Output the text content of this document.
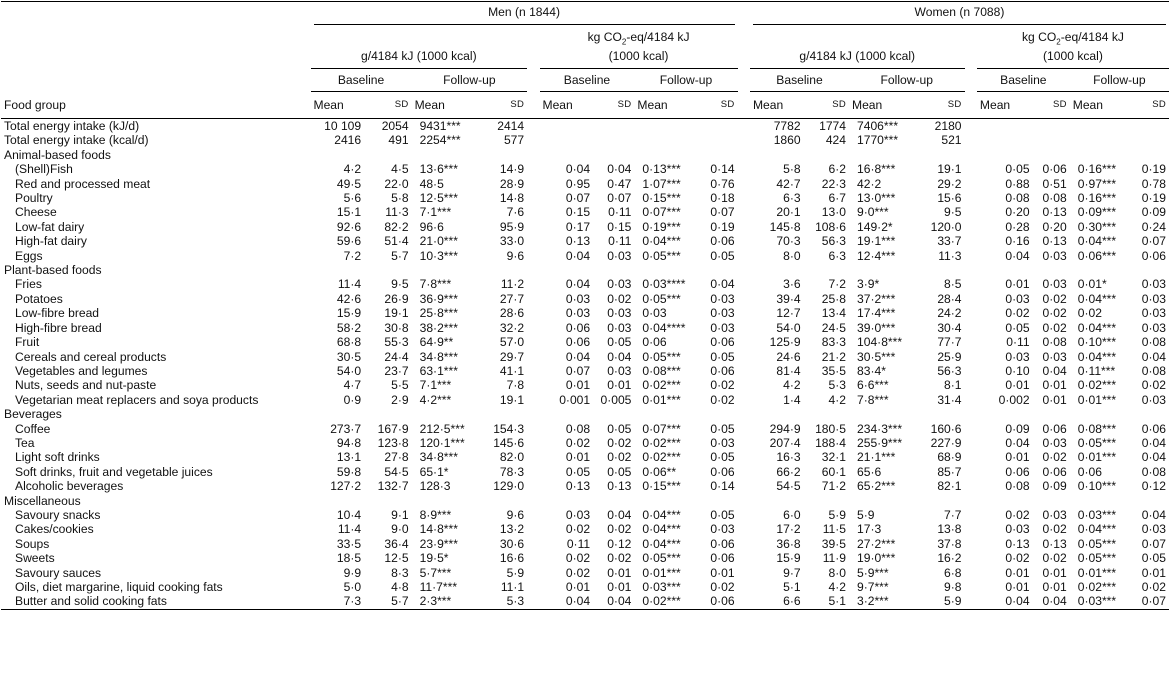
	Men (n 1844)										Women (n 7088)								

	g/4184 kJ (1000 kcal)					kg $CO_2-eq/4184$ kJ
(1000 kcal)					g/4184 kJ (1000 kcal)					kg $CO_2-eq/4184$ kJ
(1000 kcal)			
	Baseline		Follow-up			Baseline		Follow-up			Baseline		Follow-up			Baseline		Follow-up	
Food group	Mean	SD	Mean	SD		Mean	SD	Mean	SD		Mean	SD	Mean	SD		Mean	SD	Mean	SD
Total energy intake (kJ/d)	10 109	2054	9431***	2414							7782	1774	7406***	2180					
Total energy intake (kcal/d)	2416	491	2254***	577							1860	424	1770***	521					
Animal-based foods																			
(Shell)Fish	4·2	4·5	13·6***	14·9		0·04	0·04	0·13***	0·14		5·8	6·2	16·8***	19·1		0·05	0·06	0·16***	0·19
Red and processed meat	49·5	22·0	48·5	28·9		0·95	0·47	1·07***	0·76		42·7	22·3	42·2	29·2		0·88	0·51	0·97***	0·78
Poultry	5·6	5·8	12·5***	14·8		0·07	0·07	0·15***	0·18		6·3	6·7	13·0***	15·6		0·08	0·08	0·16***	0·19
Cheese	15·1	11·3	7·1***	7·6		0·15	0·11	0·07***	0·07		20·1	13·0	9·0***	9·5		0·20	0·13	0·09***	0·09
Low-fat dairy	92·6	82·2	96·6	95·9		0·17	0·15	0·19***	0·19		145·8	108·6	149·2*	120·0		0·28	0·20	0·30***	0·24
High-fat dairy	59·6	51·4	21·0***	33·0		0·13	0·11	0·04***	0·06		70·3	56·3	19·1***	33·7		0·16	0·13	0·04***	0·07
Eggs	7·2	5·7	10·3***	9·6		0·04	0·03	0·05***	0·05		8·0	6·3	12·4***	11·3		0·04	0·03	0·06***	0·06
Plant-based foods																			
Fries	11·4	9·5	7·8***	11·2		0·04	0·03	0·03****	0·04		3·6	7·2	3·9*	8·5		0·01	0·03	0·01*	0·03
Potatoes	42·6	26·9	36·9***	27·7		0·03	0·02	0·05***	0·03		39·4	25·8	37·2***	28·4		0·03	0·02	0·04***	0·03
Low-fibre bread	15·9	19·1	25·8***	28·6		0·03	0·03	0·03	0·03		12·7	13·4	17·4***	24·2		0·02	0·02	0·02	0·03
High-fibre bread	58·2	30·8	38·2***	32·2		0·06	0·03	0·04****	0·03		54·0	24·5	39·0***	30·4		0·05	0·02	0·04***	0·03
Fruit	68·8	55·3	64·9**	57·0		0·06	0·05	0·06	0·06		125·9	83·3	104·8***	77·7		0·11	0·08	0·10***	0·08
Cereals and cereal products	30·5	24·4	34·8***	29·7		0·04	0·04	0·05***	0·05		24·6	21·2	30·5***	25·9		0·03	0·03	0·04***	0·04
Vegetables and legumes	54·0	23·7	63·1***	41·1		0·07	0·03	0·08***	0·06		81·4	35·5	83·4*	56·3		0·10	0·04	0·11***	0·08
Nuts, seeds and nut-paste	4·7	5·5	7·1***	7·8		0·01	0·01	0·02***	0·02		4·2	5·3	6·6***	8·1		0·01	0·01	0·02***	0·02
Vegetarian meat replacers and soya products	0·9	2·9	4·2***	19·1		0·001	0·005	0·01***	0·02		1·4	4·2	7·8***	31·4		0·002	0·01	0·01***	0·03
Beverages																			
Coffee	273·7	167·9	212·5***	154·3		0·08	0·05	0·07***	0·05		294·9	180·5	234·3***	160·6		0·09	0·06	0·08***	0·06
Tea	94·8	123·8	120·1***	145·6		0·02	0·02	0·02***	0·03		207·4	188·4	255·9***	227·9		0·04	0·03	0·05***	0·04
Light soft drinks	13·1	27·8	34·8***	82·0		0·01	0·02	0·02***	0·05		16·3	32·1	21·1***	68·9		0·01	0·02	0·01***	0·04
Soft drinks, fruit and vegetable juices	59·8	54·5	65·1*	78·3		0·05	0·05	0·06**	0·06		66·2	60·1	65·6	85·7		0·06	0·06	0·06	0·08
Alcoholic beverages	127·2	132·7	128·3	129·0		0·13	0·13	0·15***	0·14		54·5	71·2	65·2***	82·1		0·08	0·09	0·10***	0·12
Miscellaneous																			
Savoury snacks	10·4	9·1	8·9***	9·6		0·03	0·04	0·04***	0·05		6·0	5·9	5·9	7·7		0·02	0·03	0·03***	0·04
Cakes/cookies	11·4	9·0	14·8***	13·2		0·02	0·02	0·04***	0·03		17·2	11·5	17·3	13·8		0·03	0·02	0·04***	0·03
Soups	33·5	36·4	23·9***	30·6		0·11	0·12	0·04***	0·06		36·8	39·5	27·2***	37·8		0·13	0·13	0·05***	0·07
Sweets	18·5	12·5	19·5*	16·6		0·02	0·02	0·05***	0·06		15·9	11·9	19·0***	16·2		0·02	0·02	0·05***	0·05
Savoury sauces	9·9	8·3	5·7***	5·9		0·02	0·01	0·01***	0·01		9·7	8·0	5·9***	6·8		0·01	0·01	0·01***	0·01
Oils, diet margarine, liquid cooking fats	5·0	4·8	11·7***	11·1		0·01	0·01	0·03***	0·02		5·1	4·2	9·7***	9·8		0·01	0·01	0·02***	0·02
Butter and solid cooking fats	7·3	5·7	2·3***	5·3		0·04	0·04	0·02***	0·06		6·6	5·1	3·2***	5·9		0·04	0·04	0·03***	0·07
